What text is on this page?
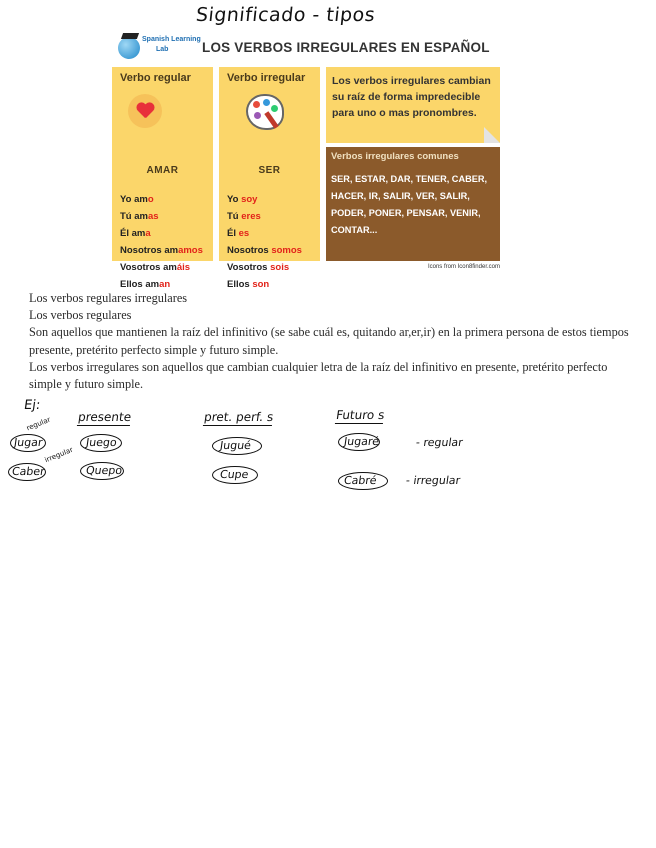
Significado - tipos
Spanish Learning
Lab LOS VERBOS IRREGULARES EN ESPAÑOL
Verbo regular
AMAR
Yo amo
Tú amas
Él ama
Nosotros amamos
Vosotros amáis
Ellos aman
Verbo irregular
SER
Yo soy
Tú eres
Él es
Nosotros somos
Vosotros sois
Ellos son
Los verbos irregulares cambian su raíz de forma impredecible para uno o mas pronombres.
Verbos irregulares comunes
SER, ESTAR, DAR, TENER, CABER, HACER, IR, SALIR, VER, SALIR, PODER, PONER, PENSAR, VENIR, CONTAR...
Icons from Icon8finder.com

Los verbos regulares irregulares

Los verbos regulares

Son aquellos que mantienen la raíz del infinitivo (se sabe cuál es, quitando ar,er,ir) en la primera persona de estos tiempos presente, pretérito perfecto simple y futuro simple.

Los verbos irregulares son aquellos que cambian cualquier letra de la raíz del infinitivo en presente, pretérito perfecto simple y futuro simple.

Ej:
presente	pret. perf. s	Futuro s
regular
Jugar	Juego	Jugué	Jugaré	- regular
irregular
Caber	Quepo	Cupe	Cabré	- irregular
